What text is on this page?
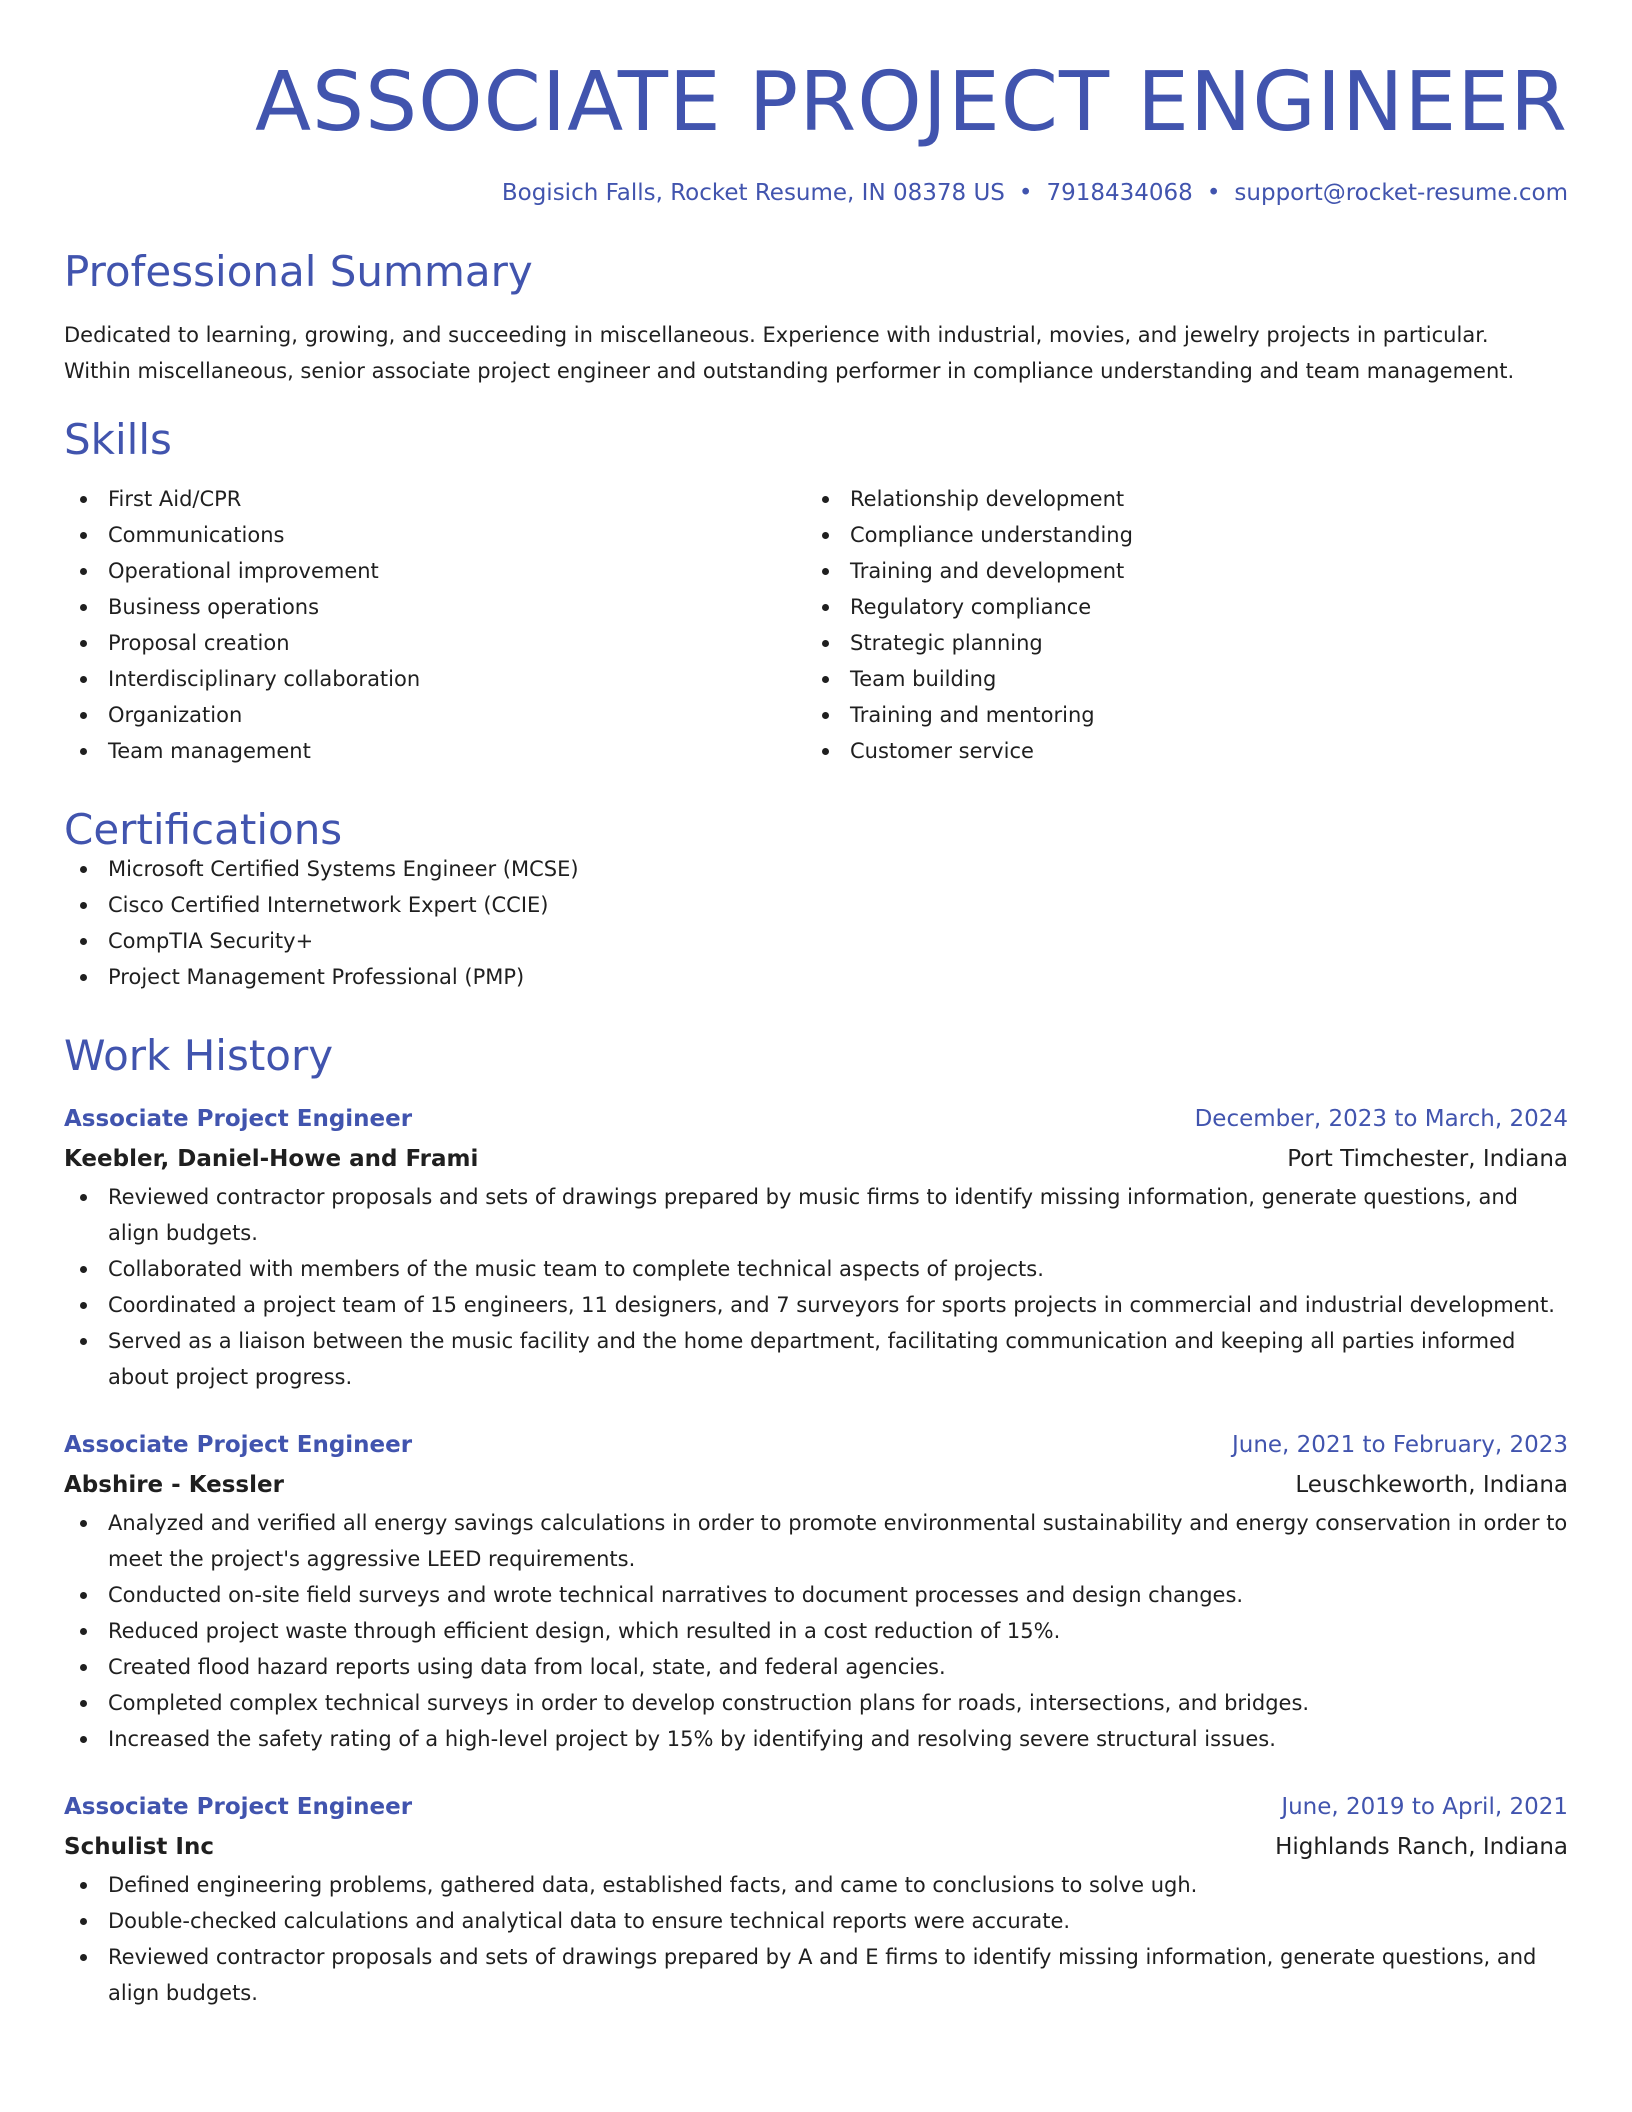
ASSOCIATE PROJECT ENGINEER
Bogisich Falls, Rocket Resume, IN 08378 US • 7918434068 • support@rocket-resume.com
Professional Summary
Dedicated to learning, growing, and succeeding in miscellaneous. Experience with industrial, movies, and jewelry projects in particular. Within miscellaneous, senior associate project engineer and outstanding performer in compliance understanding and team management.
Skills
First Aid/CPR
Communications
Operational improvement
Business operations
Proposal creation
Interdisciplinary collaboration
Organization
Team management
Relationship development
Compliance understanding
Training and development
Regulatory compliance
Strategic planning
Team building
Training and mentoring
Customer service
Certifications
Microsoft Certified Systems Engineer (MCSE)
Cisco Certified Internetwork Expert (CCIE)
CompTIA Security+
Project Management Professional (PMP)
Work History
Associate Project Engineer	December, 2023 to March, 2024
Keebler, Daniel-Howe and Frami	Port Timchester, Indiana
Reviewed contractor proposals and sets of drawings prepared by music firms to identify missing information, generate questions, and align budgets.
Collaborated with members of the music team to complete technical aspects of projects.
Coordinated a project team of 15 engineers, 11 designers, and 7 surveyors for sports projects in commercial and industrial development.
Served as a liaison between the music facility and the home department, facilitating communication and keeping all parties informed about project progress.
Associate Project Engineer	June, 2021 to February, 2023
Abshire - Kessler	Leuschkeworth, Indiana
Analyzed and verified all energy savings calculations in order to promote environmental sustainability and energy conservation in order to meet the project's aggressive LEED requirements.
Conducted on-site field surveys and wrote technical narratives to document processes and design changes.
Reduced project waste through efficient design, which resulted in a cost reduction of 15%.
Created flood hazard reports using data from local, state, and federal agencies.
Completed complex technical surveys in order to develop construction plans for roads, intersections, and bridges.
Increased the safety rating of a high-level project by 15% by identifying and resolving severe structural issues.
Associate Project Engineer	June, 2019 to April, 2021
Schulist Inc	Highlands Ranch, Indiana
Defined engineering problems, gathered data, established facts, and came to conclusions to solve ugh.
Double-checked calculations and analytical data to ensure technical reports were accurate.
Reviewed contractor proposals and sets of drawings prepared by A and E firms to identify missing information, generate questions, and align budgets.
